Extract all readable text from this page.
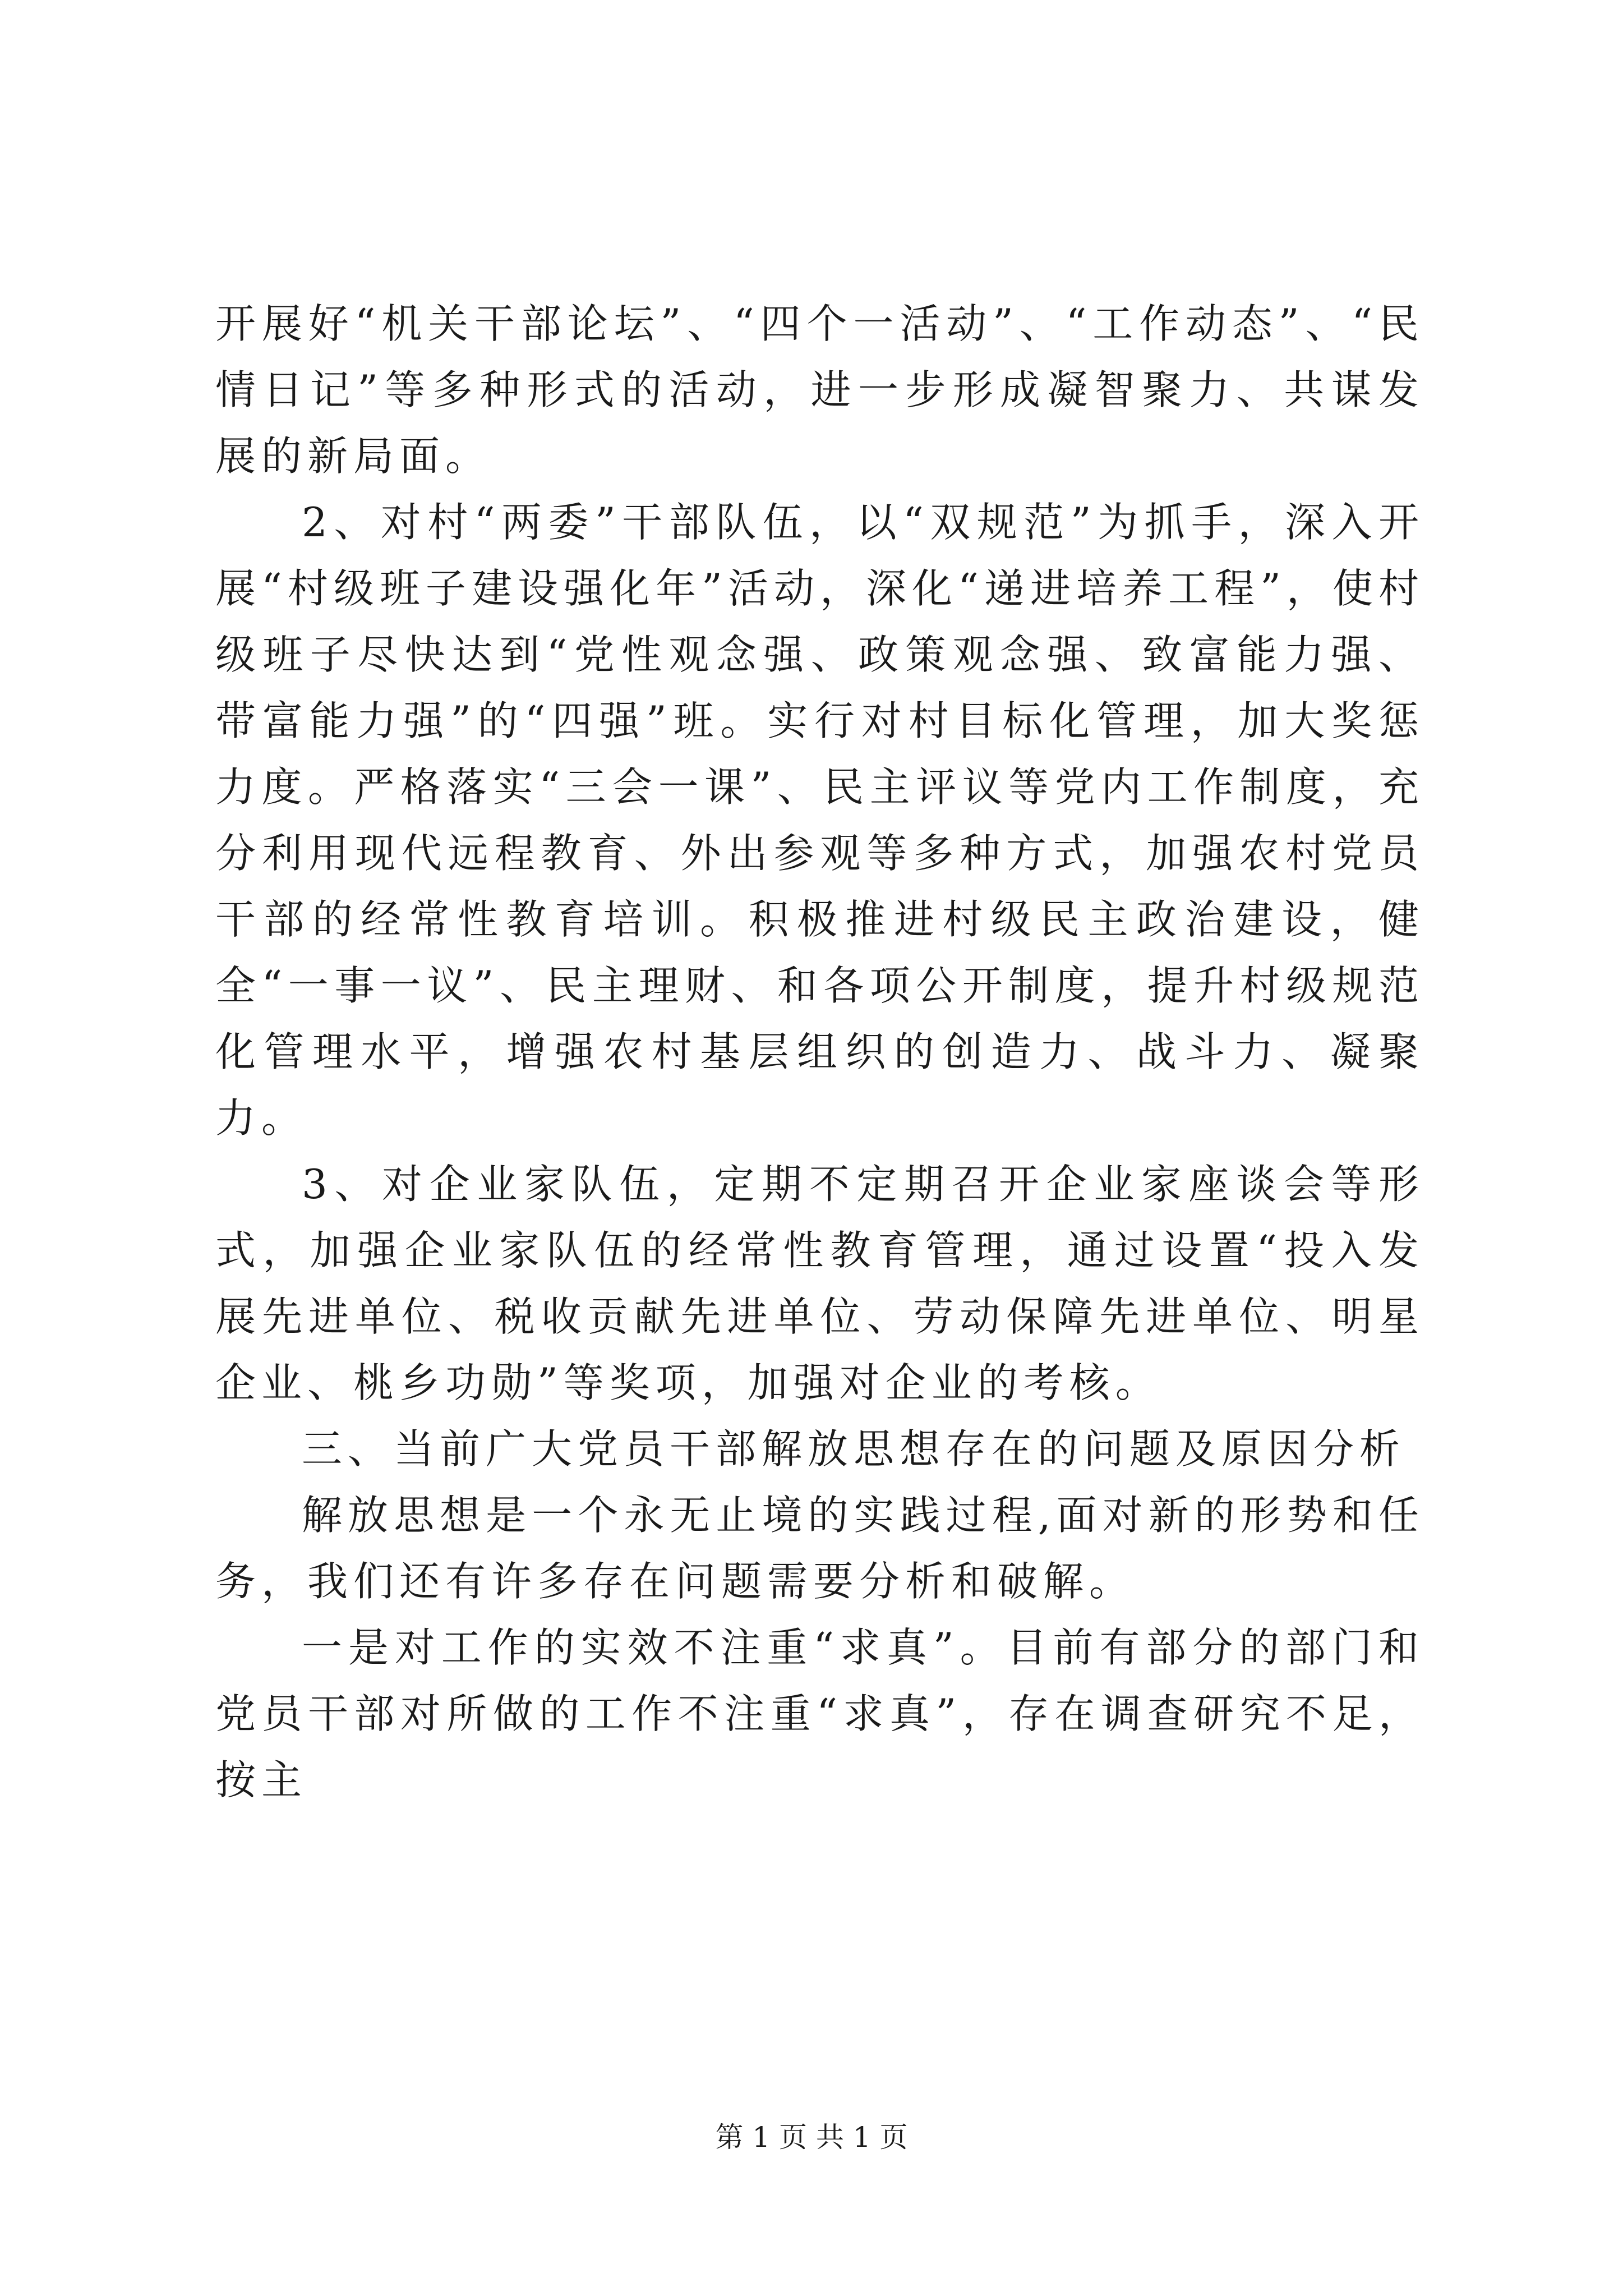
开展好“机关干部论坛”、“四个一活动”、“工作动态”、“民情日记”等多种形式的活动，进一步形成凝智聚力、共谋发展的新局面。

2、对村“两委”干部队伍，以“双规范”为抓手，深入开展“村级班子建设强化年”活动，深化“递进培养工程”，使村级班子尽快达到“党性观念强、政策观念强、致富能力强、带富能力强”的“四强”班。实行对村目标化管理，加大奖惩力度。严格落实“三会一课”、民主评议等党内工作制度，充分利用现代远程教育、外出参观等多种方式，加强农村党员干部的经常性教育培训。积极推进村级民主政治建设，健全“一事一议”、民主理财、和各项公开制度，提升村级规范化管理水平，增强农村基层组织的创造力、战斗力、凝聚力。

3、对企业家队伍，定期不定期召开企业家座谈会等形式，加强企业家队伍的经常性教育管理，通过设置“投入发展先进单位、税收贡献先进单位、劳动保障先进单位、明星企业、桃乡功勋”等奖项，加强对企业的考核。

三、当前广大党员干部解放思想存在的问题及原因分析

解放思想是一个永无止境的实践过程,面对新的形势和任务，我们还有许多存在问题需要分析和破解。

一是对工作的实效不注重“求真”。目前有部分的部门和党员干部对所做的工作不注重“求真”，存在调查研究不足，按主

第 1 页 共 1 页
